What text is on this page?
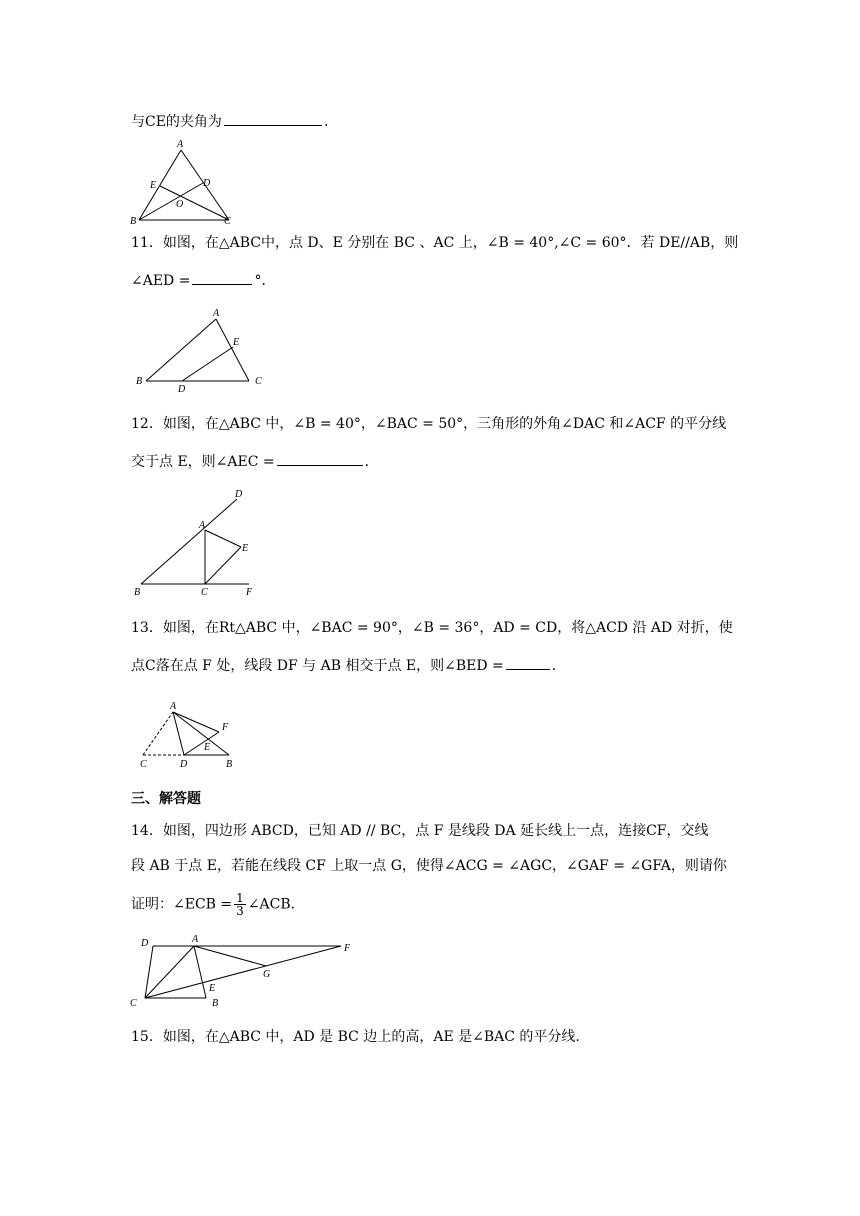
与CE的夹角为	.
A
B	C
D
E
O
11．如图，在△ABC中，点 D、E 分别在 BC 、AC 上，∠B = 40°,∠C = 60°．若 DE//AB，则
∠AED =	°．
A
B	C
D
E
12．如图，在△ABC 中，∠B = 40°，∠BAC = 50°，三角形的外角∠DAC 和∠ACF 的平分线
交于点 E，则∠AEC =	.
D
A
E
B	C	F
13．如图，在Rt△ABC 中，∠BAC = 90°，∠B = 36°，AD = CD，将△ACD 沿 AD 对折，使
点C落在点 F 处，线段 DF 与 AB 相交于点 E，则∠BED =	.
A
F
E
C	D	B
三、解答题
14．如图，四边形 ABCD，已知 AD // BC，点 F 是线段 DA 延长线上一点，连接CF，交线
段 AB 于点 E，若能在线段 CF 上取一点 G，使得∠ACG = ∠AGC，∠GAF = ∠GFA，则请你
证明：∠ECB = $\frac{1}{3}$ ∠ACB．
D	A
F
G
E
C	B
15．如图，在△ABC 中，AD 是 BC 边上的高，AE 是∠BAC 的平分线.
